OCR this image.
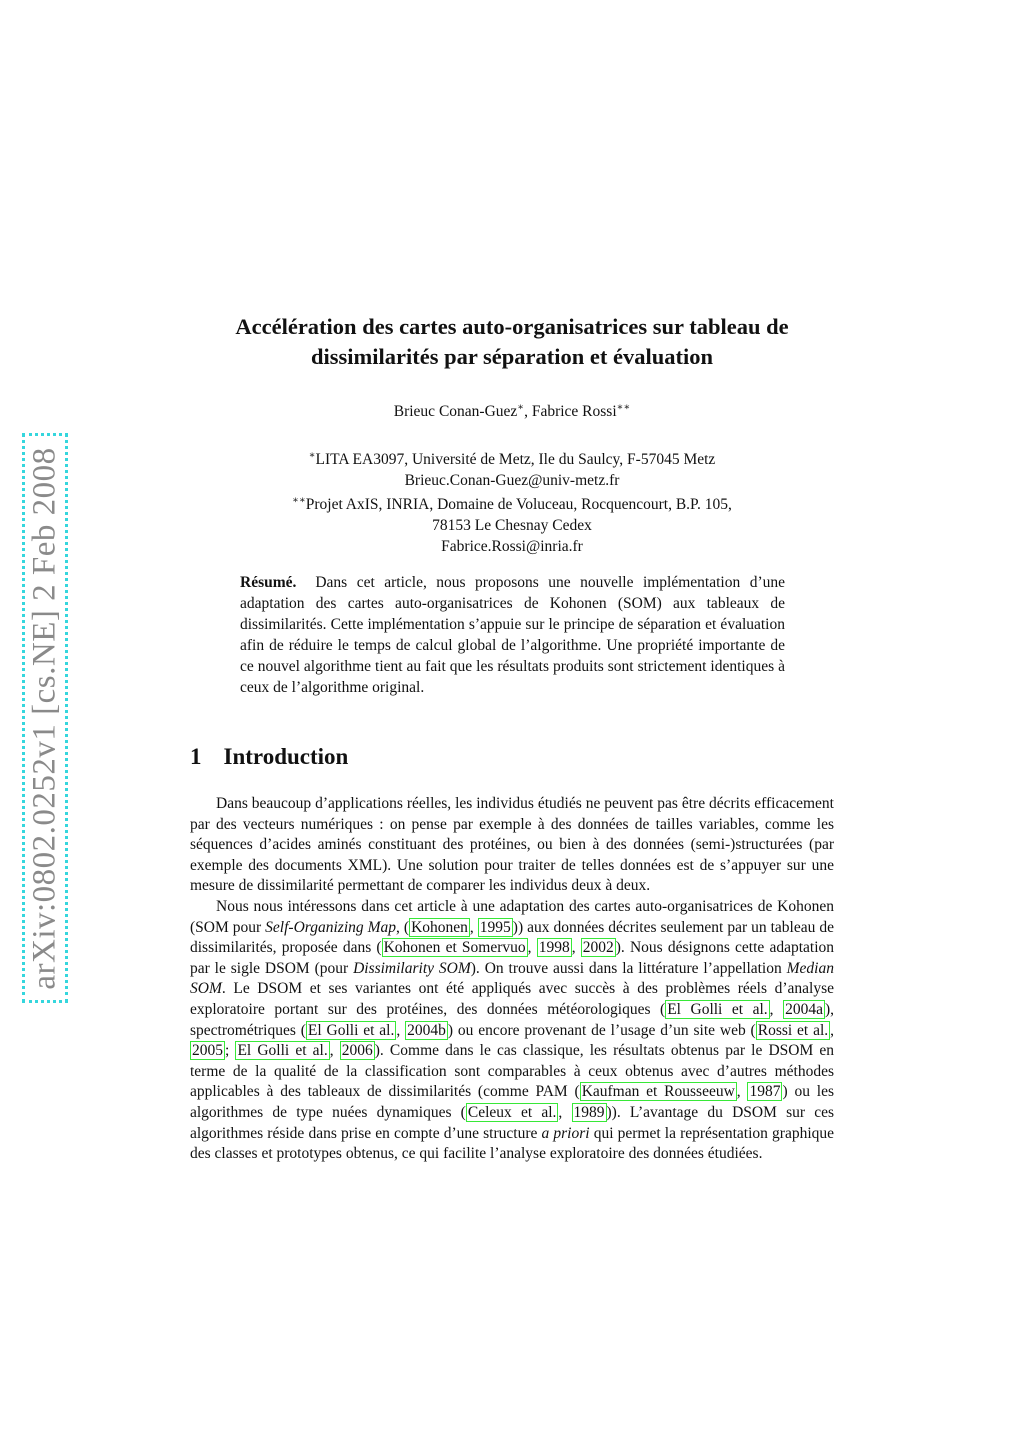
arXiv:0802.0252v1 [cs.NE] 2 Feb 2008
Accélération des cartes auto-organisatrices sur tableau de
dissimilarités par séparation et évaluation
Brieuc Conan-Guez∗, Fabrice Rossi∗∗
∗LITA EA3097, Université de Metz, Ile du Saulcy, F-57045 Metz
Brieuc.Conan-Guez@univ-metz.fr
∗∗Projet AxIS, INRIA, Domaine de Voluceau, Rocquencourt, B.P. 105,
78153 Le Chesnay Cedex
Fabrice.Rossi@inria.fr
Résumé. Dans cet article, nous proposons une nouvelle implémentation d’une adaptation des cartes auto-organisatrices de Kohonen (SOM) aux tableaux de dissimilarités. Cette implémentation s’appuie sur le principe de séparation et évaluation afin de réduire le temps de calcul global de l’algorithme. Une propriété importante de ce nouvel algorithme tient au fait que les résultats produits sont strictement identiques à ceux de l’algorithme original.
1 Introduction

Dans beaucoup d’applications réelles, les individus étudiés ne peuvent pas être décrits efficacement par des vecteurs numériques : on pense par exemple à des données de tailles variables, comme les séquences d’acides aminés constituant des protéines, ou bien à des données (semi-)structurées (par exemple des documents XML). Une solution pour traiter de telles données est de s’appuyer sur une mesure de dissimilarité permettant de comparer les individus deux à deux.

Nous nous intéressons dans cet article à une adaptation des cartes auto-organisatrices de Kohonen (SOM pour Self-Organizing Map, ( Kohonen , 1995 )) aux données décrites seulement par un tableau de dissimilarités, proposée dans ( Kohonen et Somervuo , 1998 , 2002 ). Nous désignons cette adaptation par le sigle DSOM (pour Dissimilarity SOM). On trouve aussi dans la littérature l’appellation Median SOM. Le DSOM et ses variantes ont été appliqués avec succès à des problèmes réels d’analyse exploratoire portant sur des protéines, des données météorologiques ( El Golli et al. , 2004a ), spectrométriques ( El Golli et al. , 2004b ) ou encore provenant de l’usage d’un site web ( Rossi et al. , 2005 ; El Golli et al. , 2006 ). Comme dans le cas classique, les résultats obtenus par le DSOM en terme de la qualité de la classification sont comparables à ceux obtenus avec d’autres méthodes applicables à des tableaux de dissimilarités (comme PAM ( Kaufman et Rousseeuw , 1987 ) ou les algorithmes de type nuées dynamiques ( Celeux et al. , 1989 )). L’avantage du DSOM sur ces algorithmes réside dans prise en compte d’une structure a priori qui permet la représentation graphique des classes et prototypes obtenus, ce qui facilite l’analyse exploratoire des données étudiées.
